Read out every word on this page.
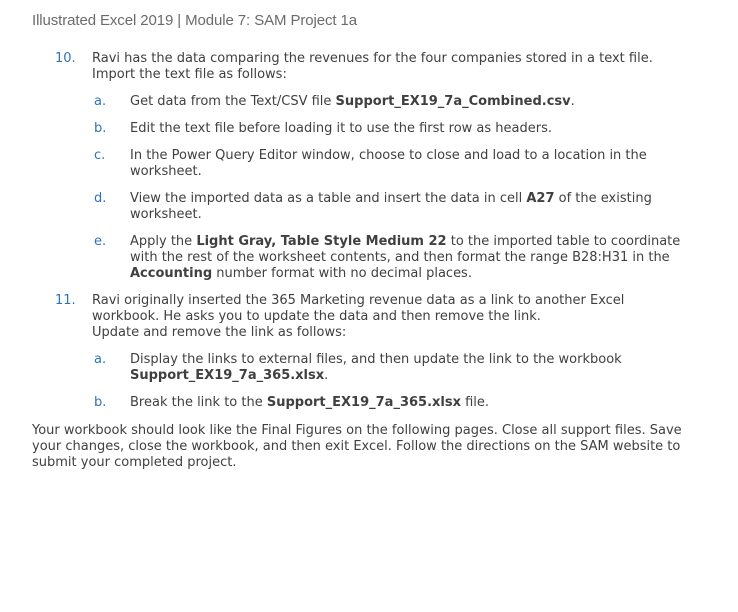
Illustrated Excel 2019 | Module 7: SAM Project 1a
10. Ravi has the data comparing the revenues for the four companies stored in a text file.
Import the text file as follows:
a. Get data from the Text/CSV file Support_EX19_7a_Combined.csv.
b. Edit the text file before loading it to use the first row as headers.
c. In the Power Query Editor window, choose to close and load to a location in the worksheet.
d. View the imported data as a table and insert the data in cell A27 of the existing worksheet.
e. Apply the Light Gray, Table Style Medium 22 to the imported table to coordinate with the rest of the worksheet contents, and then format the range B28:H31 in the Accounting number format with no decimal places.
11. Ravi originally inserted the 365 Marketing revenue data as a link to another Excel
workbook. He asks you to update the data and then remove the link.
Update and remove the link as follows:
a. Display the links to external files, and then update the link to the workbook Support_EX19_7a_365.xlsx.
b. Break the link to the Support_EX19_7a_365.xlsx file.
Your workbook should look like the Final Figures on the following pages. Close all support files. Save your changes, close the workbook, and then exit Excel. Follow the directions on the SAM website to submit your completed project.
